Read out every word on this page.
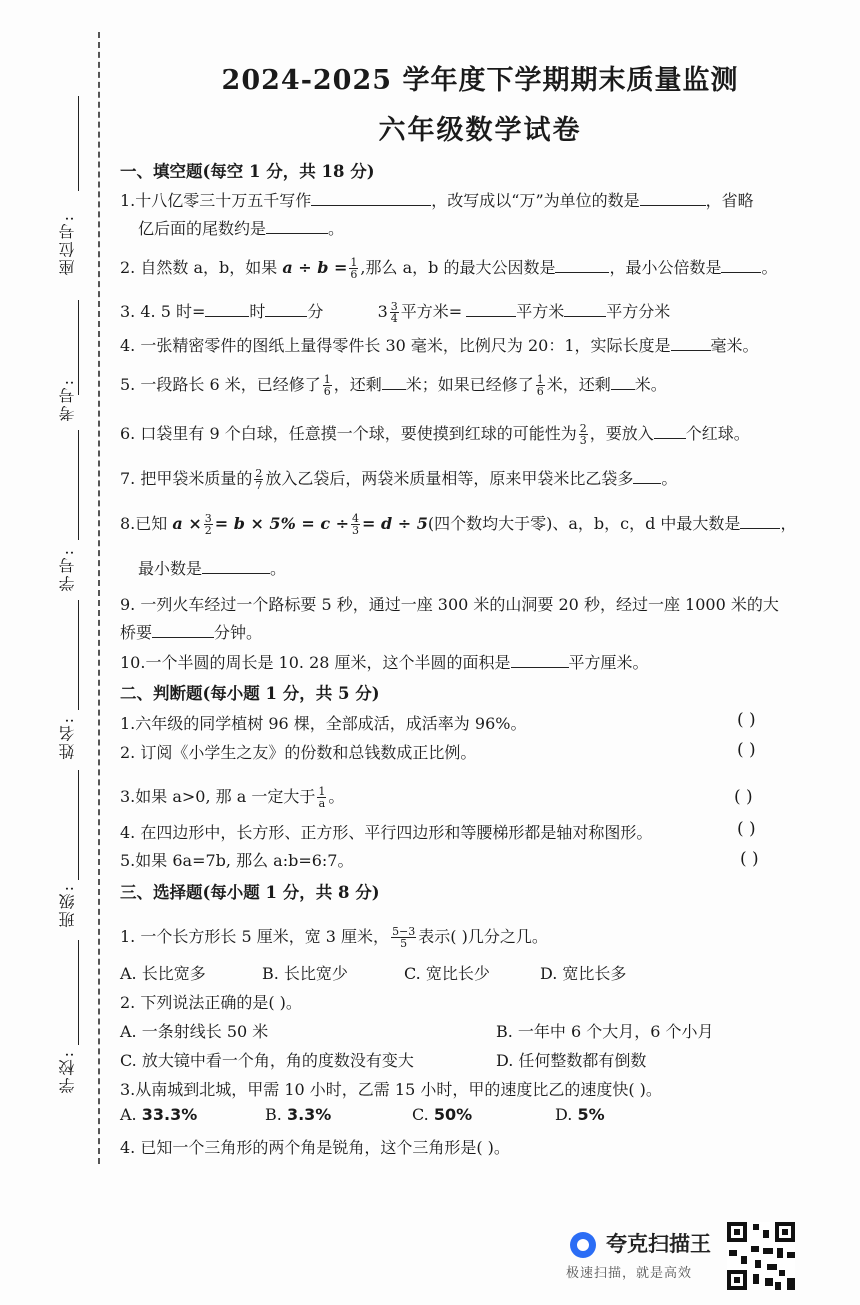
座位号:
考号:
学号:
姓名:
班级:
学校:
2024-2025 学年度下学期期末质量监测
六年级数学试卷
一、填空题(每空 1 分，共 18 分)
1.十八亿零三十万五千写作	，改写成以“万”为单位的数是	，省略
亿后面的尾数约是	。
2. 自然数 a，b，如果 $a \div b = \frac{1}{6}$ ,那么 a，b 的最大公因数是	，最小公倍数是	。
3. 4. 5 时=	时	分	$3 \frac{3}{4}$ 平方米=	平方米	平方分米
4. 一张精密零件的图纸上量得零件长 30 毫米，比例尺为 20：1，实际长度是	毫米。
5. 一段路长 6 米，已经修了 $\frac{1}{6}$ ，还剩 米；如果已经修了 $\frac{1}{6}$ 米，还剩 米。
6. 口袋里有 9 个白球，任意摸一个球，要使摸到红球的可能性为 $\frac{2}{3}$ ，要放入 个红球。
7. 把甲袋米质量的 $\frac{2}{7}$ 放入乙袋后，两袋米质量相等，原来甲袋米比乙袋多 。
8.已知 $a \times \frac{3}{2} = b \times 5\% = c \div \frac{4}{3} = d \div 5$(四个数均大于零)、a，b，c，d 中最大数是	，
最小数是	。
9. 一列火车经过一个路标要 5 秒，通过一座 300 米的山洞要 20 秒，经过一座 1000 米的大
桥要	分钟。
10.一个半圆的周长是 10. 28 厘米，这个半圆的面积是	平方厘米。
二、判断题(每小题 1 分，共 5 分)
1.六年级的同学植树 96 棵，全部成活，成活率为 96%。	( )
2. 订阅《小学生之友》的份数和总钱数成正比例。	( )
3.如果 a>0, 那 a 一定大于 $\frac{1}{a}$ 。	( )
4. 在四边形中，长方形、正方形、平行四边形和等腰梯形都是轴对称图形。	( )
5.如果 6a=7b, 那么 a:b=6:7。	( )
三、选择题(每小题 1 分，共 8 分)
1. 一个长方形长 5 厘米，宽 3 厘米， $\frac{5-3}{5}$ 表示( )几分之几。
A. 长比宽多	B. 长比宽少	C. 宽比长少	D. 宽比长多
2. 下列说法正确的是( )。
A. 一条射线长 50 米	B. 一年中 6 个大月，6 个小月
C. 放大镜中看一个角，角的度数没有变大	D. 任何整数都有倒数
3.从南城到北城，甲需 10 小时，乙需 15 小时，甲的速度比乙的速度快( )。
A. 33.3%	B. 3.3%	C. 50%	D. 5%
4. 已知一个三角形的两个角是锐角，这个三角形是( )。
夸克扫描王
极速扫描，就是高效
